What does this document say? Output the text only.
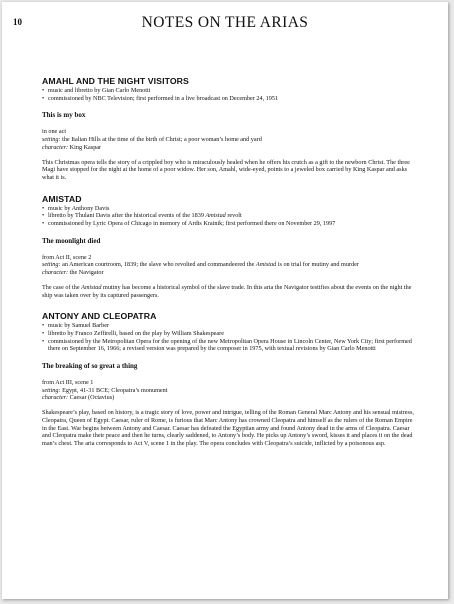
10	NOTES ON THE ARIAS
AMAHL AND THE NIGHT VISITORS
• music and libretto by Gian Carlo Menotti
• commissioned by NBC Television; first performed in a live broadcast on December 24, 1951
This is my box

in one act

setting: the Italian Hills at the time of the birth of Christ; a poor woman’s home and yard

character: King Kaspar

This Christmas opera tells the story of a crippled boy who is miraculously healed when he offers his crutch as a gift to the newborn Christ. The three Magi have stopped for the night at the home of a poor widow. Her son, Amahl, wide-eyed, points to a jeweled box carried by King Kaspar and asks what it is.

AMISTAD
• music by Anthony Davis
• libretto by Thulani Davis after the historical events of the 1839 Amistad revolt
• commissioned by Lyric Opera of Chicago in memory of Ardis Krainik; first performed there on November 29, 1997
The moonlight died

from Act II, scene 2

setting: an American courtroom, 1839; the slave who revolted and commandeered the Amistad is on trial for mutiny and murder

character: the Navigator

The case of the Amistad mutiny has become a historical symbol of the slave trade. In this aria the Navigator testifies about the events on the night the ship was taken over by its captured passengers.

ANTONY AND CLEOPATRA
• music by Samuel Barber
• libretto by Franco Zeffirelli, based on the play by William Shakespeare
• commissioned by the Metropolitan Opera for the opening of the new Metropolitan Opera House in Lincoln Center, New York City; first performed there on September 16, 1966; a revised version was prepared by the composer in 1975, with textual revisions by Gian Carlo Menotti
The breaking of so great a thing

from Act III, scene 1

setting: Egypt, 41-31 BCE; Cleopatra’s monument

character: Caesar (Octavius)

Shakespeare’s play, based on history, is a tragic story of love, power and intrigue, telling of the Roman General Marc Antony and his sensual mistress, Cleopatra, Queen of Egypt. Caesar, ruler of Rome, is furious that Marc Antony has crowned Cleopatra and himself as the rulers of the Roman Empire in the East. War begins between Antony and Caesar. Caesar has defeated the Egyptian army and found Antony dead in the arms of Cleopatra. Caesar and Cleopatra make their peace and then he turns, clearly saddened, to Antony’s body. He picks up Antony’s sword, kisses it and places it on the dead man’s chest. The aria corresponds to Act V, scene 1 in the play. The opera concludes with Cleopatra’s suicide, inflicted by a poisonous asp.
